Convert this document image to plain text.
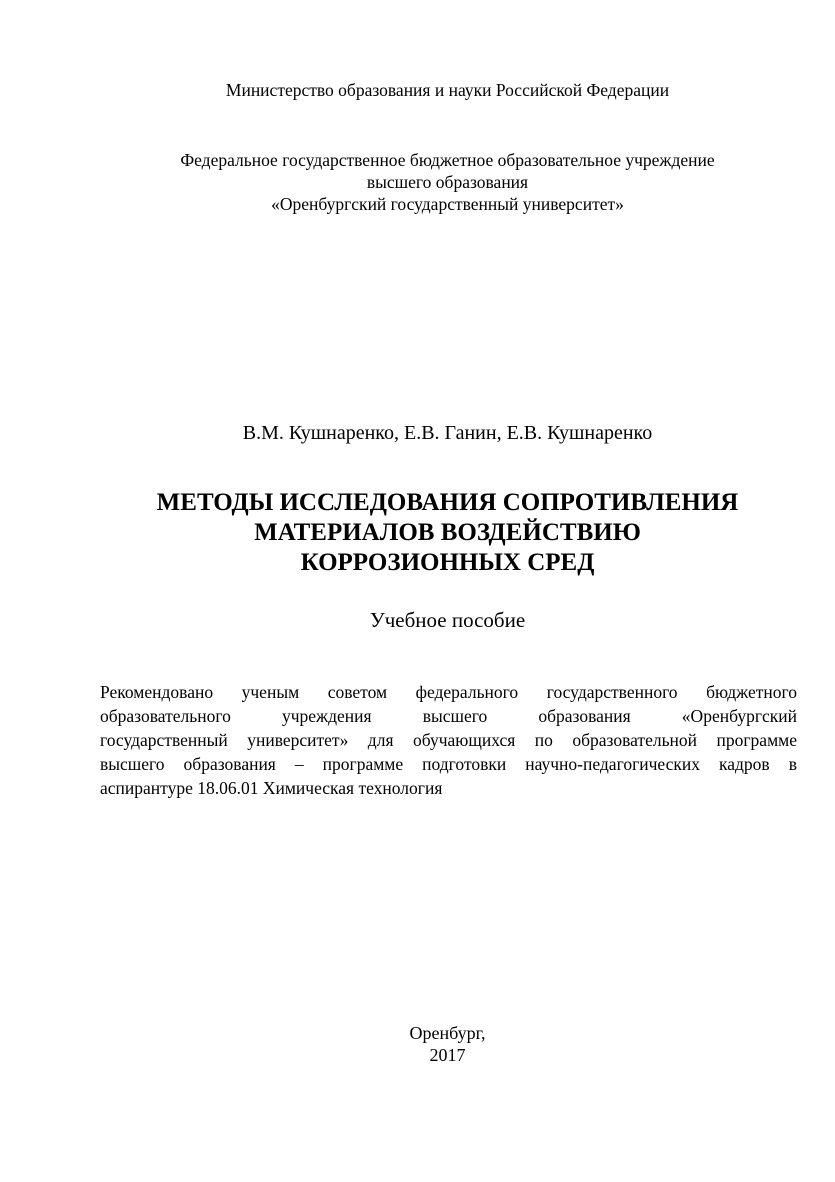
Министерство образования и науки Российской Федерации
Федеральное государственное бюджетное образовательное учреждение
высшего образования
«Оренбургский государственный университет»
В.М. Кушнаренко, Е.В. Ганин, Е.В. Кушнаренко
МЕТОДЫ ИССЛЕДОВАНИЯ СОПРОТИВЛЕНИЯ
МАТЕРИАЛОВ ВОЗДЕЙСТВИЮ
КОРРОЗИОННЫХ СРЕД
Учебное пособие
Рекомендовано ученым советом федерального государственного бюджетного
образовательного учреждения высшего образования «Оренбургский
государственный университет» для обучающихся по образовательной программе
высшего образования – программе подготовки научно-педагогических кадров в
аспирантуре 18.06.01 Химическая технология
Оренбург,
2017
